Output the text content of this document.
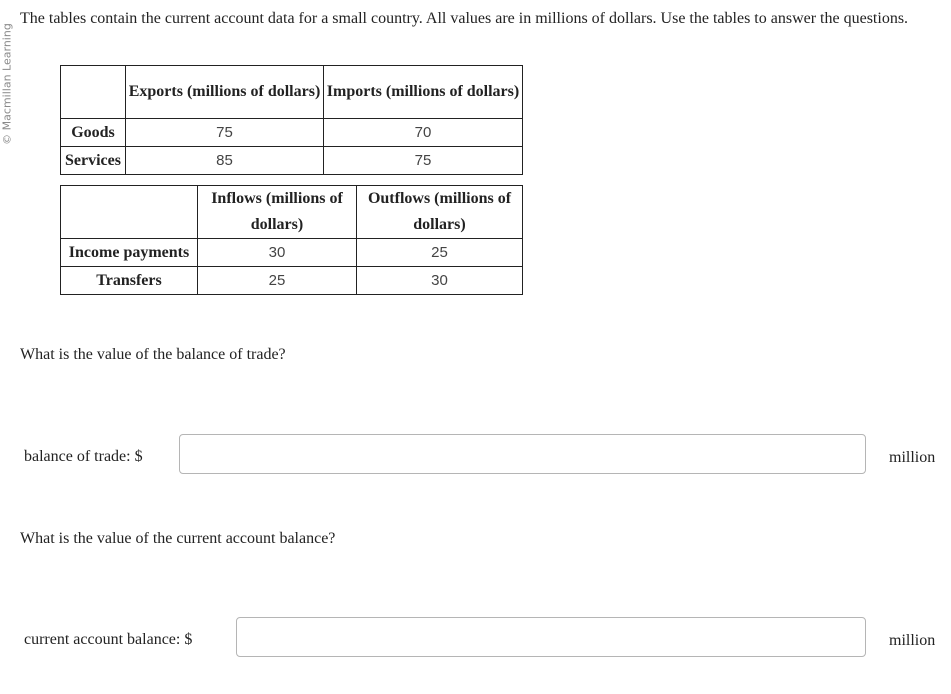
© Macmillan Learning

The tables contain the current account data for a small country. All values are in millions of dollars. Use the tables to answer the questions.

	Exports (millions of dollars)	Imports (millions of dollars)
Goods	75	70
Services	85	75
	Inflows (millions of dollars)	Outflows (millions of dollars)
Income payments	30	25
Transfers	25	30

What is the value of the balance of trade?

balance of trade: $	million

What is the value of the current account balance?

current account balance: $	million
